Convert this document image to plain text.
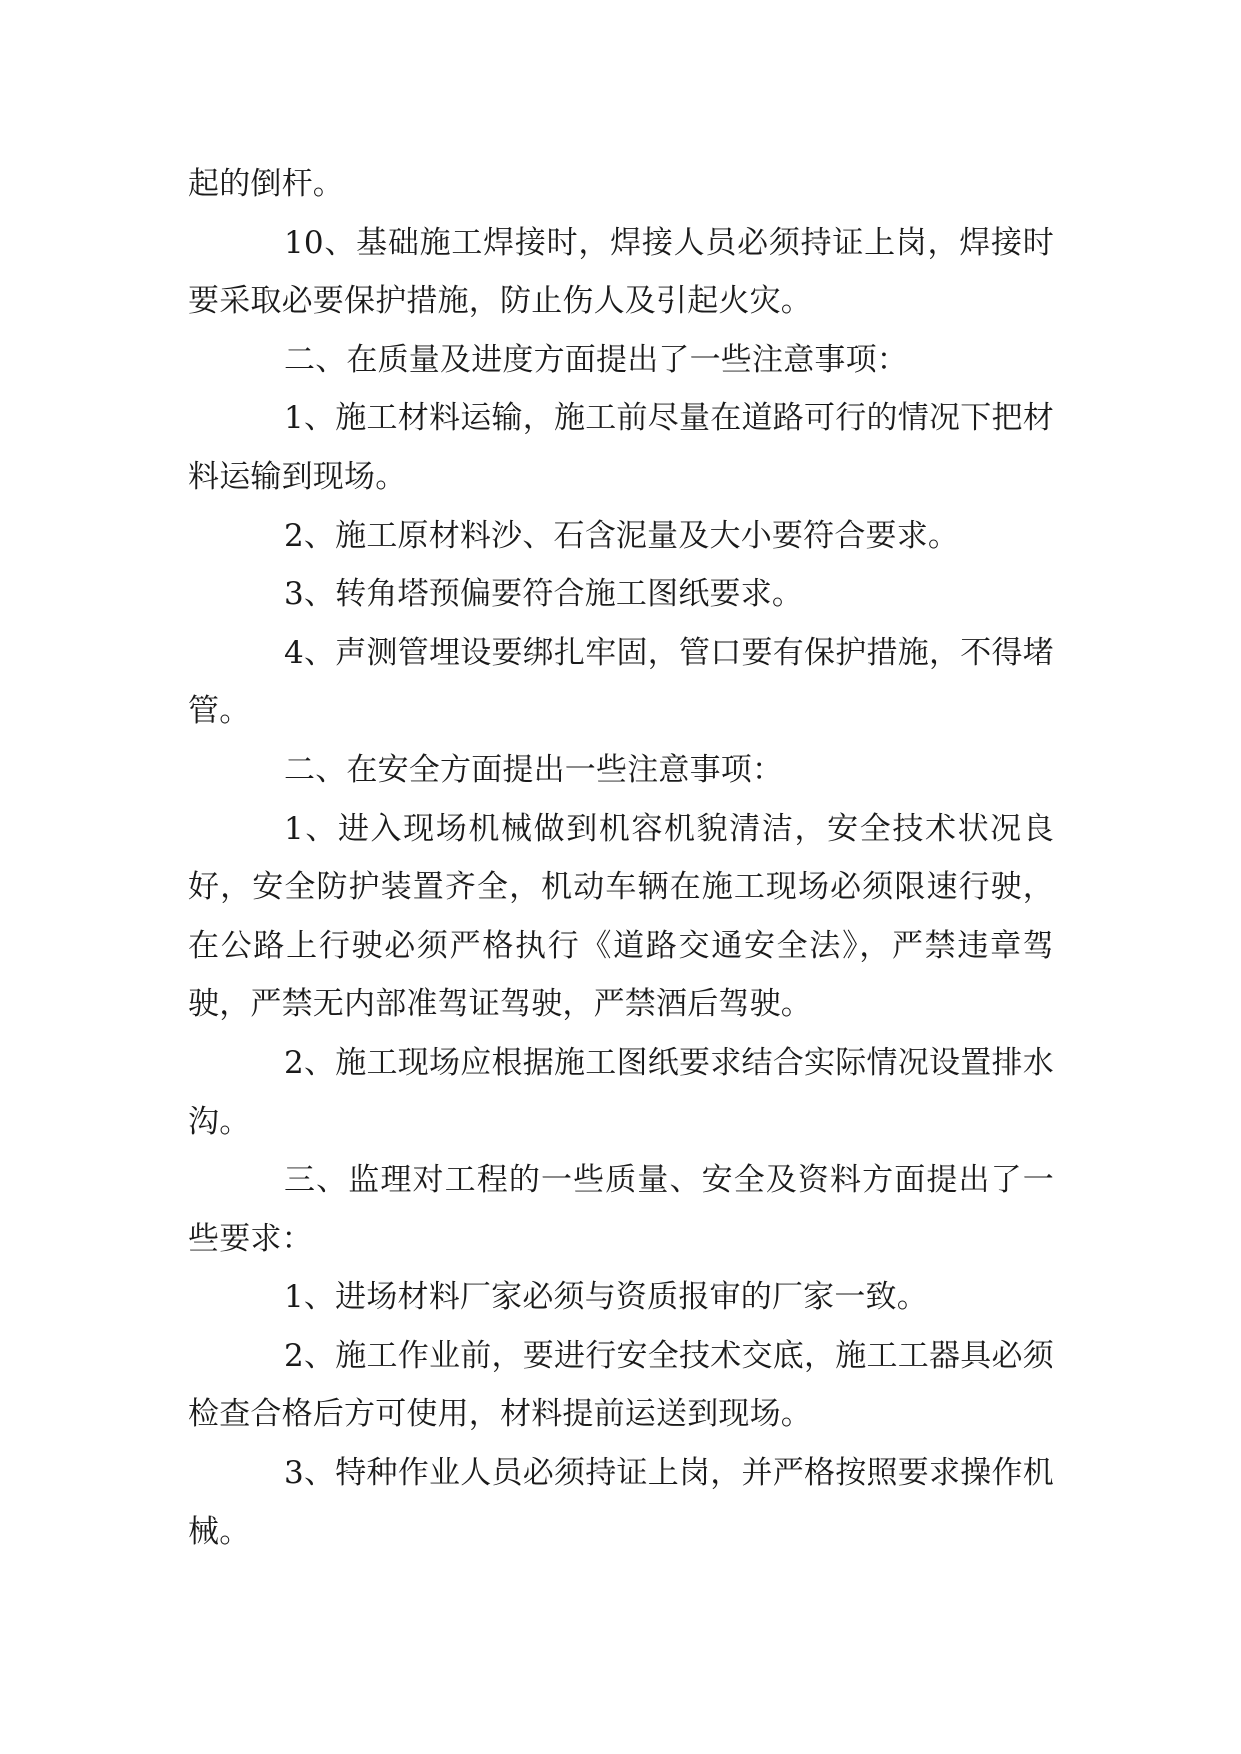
起的倒杆。

10、基础施工焊接时，焊接人员必须持证上岗，焊接时要采取必要保护措施，防止伤人及引起火灾。

二、在质量及进度方面提出了一些注意事项：

1、施工材料运输，施工前尽量在道路可行的情况下把材料运输到现场。

2、施工原材料沙、石含泥量及大小要符合要求。

3、转角塔预偏要符合施工图纸要求。

4、声测管埋设要绑扎牢固，管口要有保护措施，不得堵管。

二、在安全方面提出一些注意事项：

1、进入现场机械做到机容机貌清洁，安全技术状况良好，安全防护装置齐全，机动车辆在施工现场必须限速行驶，在公路上行驶必须严格执行《道路交通安全法》，严禁违章驾驶，严禁无内部准驾证驾驶，严禁酒后驾驶。

2、施工现场应根据施工图纸要求结合实际情况设置排水沟。

三、监理对工程的一些质量、安全及资料方面提出了一些要求：

1、进场材料厂家必须与资质报审的厂家一致。

2、施工作业前，要进行安全技术交底，施工工器具必须检查合格后方可使用，材料提前运送到现场。

3、特种作业人员必须持证上岗，并严格按照要求操作机械。
